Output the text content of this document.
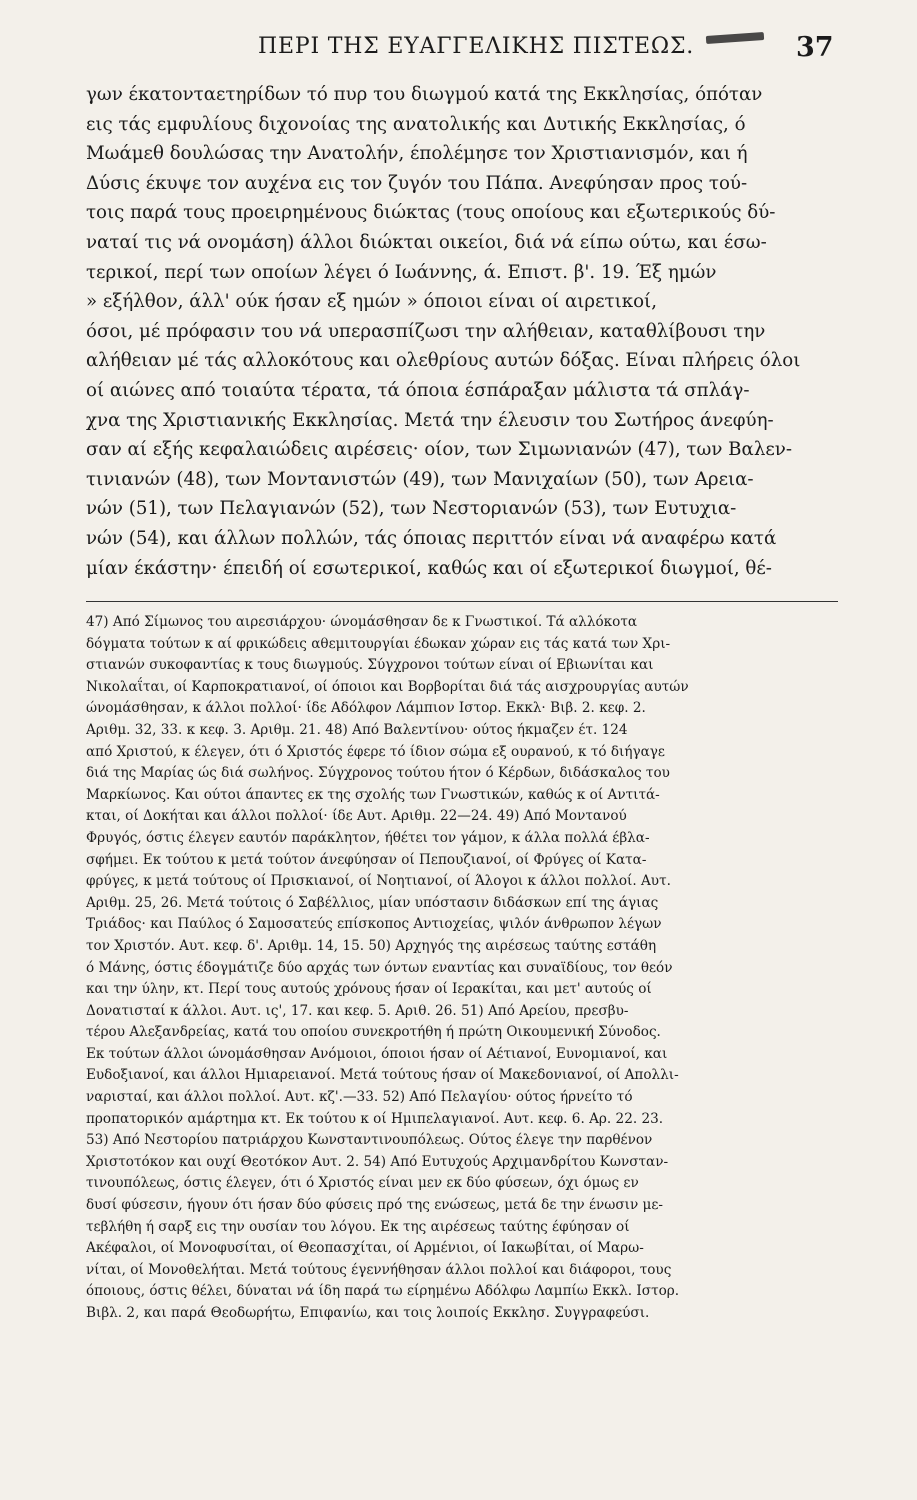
ΠΕΡΙ ΤΗΣ ΕΥΑΓΓΕΛΙΚΗΣ ΠΙΣΤΕΩΣ.	37
γων έκατονταετηρίδων τό πυρ του διωγμού κατά της Εκκλησίας, όπόταν
εις τάς εμφυλίους διχονοίας της ανατολικής και Δυτικής Εκκλησίας, ό
Μωάμεθ δουλώσας την Ανατολήν, έπολέμησε τον Χριστιανισμόν, και ή
Δύσις έκυψε τον αυχένα εις τον ζυγόν του Πάπα. Ανεφύησαν προς τού-
τοις παρά τους προειρημένους διώκτας (τους οποίους και εξωτερικούς δύ-
ναταί τις νά ονομάση) άλλοι διώκται οικείοι, διά νά είπω ούτω, και έσω-
τερικοί, περί των οποίων λέγει ό Ιωάννης, ά. Επιστ. β'. 19. Έξ ημών
» εξήλθον, άλλ' ούκ ήσαν εξ ημών » όποιοι είναι οί αιρετικοί,
όσοι, μέ πρόφασιν του νά υπερασπίζωσι την αλήθειαν, καταθλίβουσι την
αλήθειαν μέ τάς αλλοκότους και ολεθρίους αυτών δόξας. Είναι πλήρεις όλοι
οί αιώνες από τοιαύτα τέρατα, τά όποια έσπάραξαν μάλιστα τά σπλάγ-
χνα της Χριστιανικής Εκκλησίας. Μετά την έλευσιν του Σωτήρος άνεφύη-
σαν αί εξής κεφαλαιώδεις αιρέσεις· οίον, των Σιμωνιανών (47), των Βαλεν-
τινιανών (48), των Μοντανιστών (49), των Μανιχαίων (50), των Αρεια-
νών (51), των Πελαγιανών (52), των Νεστοριανών (53), των Ευτυχια-
νών (54), και άλλων πολλών, τάς όποιας περιττόν είναι νά αναφέρω κατά
μίαν έκάστην· έπειδή οί εσωτερικοί, καθώς και οί εξωτερικοί διωγμοί, θέ-
47) Από Σίμωνος του αιρεσιάρχου· ώνομάσθησαν δε κ Γνωστικοί. Τά αλλόκοτα
δόγματα τούτων κ αί φρικώδεις αθεμιτουργίαι έδωκαν χώραν εις τάς κατά των Χρι-
στιανών συκοφαντίας κ τους διωγμούς. Σύγχρονοι τούτων είναι οί Εβιωνίται και
Νικολαΐται, οί Καρποκρατιανοί, οί όποιοι και Βορβορίται διά τάς αισχρουργίας αυτών
ώνομάσθησαν, κ άλλοι πολλοί· ίδε Αδόλφον Λάμπιον Ιστορ. Εκκλ· Βιβ. 2. κεφ. 2.
Αριθμ. 32, 33. κ κεφ. 3. Αριθμ. 21. 48) Από Βαλεντίνου· ούτος ήκμαζεν έτ. 124
από Χριστού, κ έλεγεν, ότι ό Χριστός έφερε τό ίδιον σώμα εξ ουρανού, κ τό διήγαγε
διά της Μαρίας ώς διά σωλήνος. Σύγχρονος τούτου ήτον ό Κέρδων, διδάσκαλος του
Μαρκίωνος. Και ούτοι άπαντες εκ της σχολής των Γνωστικών, καθώς κ οί Αντιτά-
κται, οί Δοκήται και άλλοι πολλοί· ίδε Αυτ. Αριθμ. 22—24. 49) Από Μοντανού
Φρυγός, όστις έλεγεν εαυτόν παράκλητον, ήθέτει τον γάμον, κ άλλα πολλά έβλα-
σφήμει. Εκ τούτου κ μετά τούτον άνεφύησαν οί Πεπουζιανοί, οί Φρύγες οί Κατα-
φρύγες, κ μετά τούτους οί Πρισκιανοί, οί Νοητιανοί, οί Άλογοι κ άλλοι πολλοί. Αυτ.
Αριθμ. 25, 26. Μετά τούτοις ό Σαβέλλιος, μίαν υπόστασιν διδάσκων επί της άγιας
Τριάδος· και Παύλος ό Σαμοσατεύς επίσκοπος Αντιοχείας, ψιλόν άνθρωπον λέγων
τον Χριστόν. Αυτ. κεφ. δ'. Αριθμ. 14, 15. 50) Αρχηγός της αιρέσεως ταύτης εστάθη
ό Μάνης, όστις έδογμάτιζε δύο αρχάς των όντων εναντίας και συναϊδίους, τον θεόν
και την ύλην, κτ. Περί τους αυτούς χρόνους ήσαν οί Ιερακίται, και μετ' αυτούς οί
Δονατισταί κ άλλοι. Αυτ. ις', 17. και κεφ. 5. Αριθ. 26. 51) Από Αρείου, πρεσβυ-
τέρου Αλεξανδρείας, κατά του οποίου συνεκροτήθη ή πρώτη Οικουμενική Σύνοδος.
Εκ τούτων άλλοι ώνομάσθησαν Ανόμοιοι, όποιοι ήσαν οί Αέτιανοί, Ευνομιανοί, και
Ευδοξιανοί, και άλλοι Ημιαρειανοί. Μετά τούτους ήσαν οί Μακεδονιανοί, οί Απολλι-
ναρισταί, και άλλοι πολλοί. Αυτ. κζ'.—33. 52) Από Πελαγίου· ούτος ήρνείτο τό
προπατορικόν αμάρτημα κτ. Εκ τούτου κ οί Ημιπελαγιανοί. Αυτ. κεφ. 6. Αρ. 22. 23.
53) Από Νεστορίου πατριάρχου Κωνσταντινουπόλεως. Ούτος έλεγε την παρθένον
Χριστοτόκον και ουχί Θεοτόκον Αυτ. 2. 54) Από Ευτυχούς Αρχιμανδρίτου Κωνσταν-
τινουπόλεως, όστις έλεγεν, ότι ό Χριστός είναι μεν εκ δύο φύσεων, όχι όμως εν
δυσί φύσεσιν, ήγουν ότι ήσαν δύο φύσεις πρό της ενώσεως, μετά δε την ένωσιν με-
τεβλήθη ή σαρξ εις την ουσίαν του λόγου. Εκ της αιρέσεως ταύτης έφύησαν οί
Ακέφαλοι, οί Μονοφυσίται, οί Θεοπασχίται, οί Αρμένιοι, οί Ιακωβίται, οί Μαρω-
νίται, οί Μονοθελήται. Μετά τούτους έγεννήθησαν άλλοι πολλοί και διάφοροι, τους
όποιους, όστις θέλει, δύναται νά ίδη παρά τω είρημένω Αδόλφω Λαμπίω Εκκλ. Ιστορ.
Βιβλ. 2, και παρά Θεοδωρήτω, Επιφανίω, και τοις λοιποίς Εκκλησ. Συγγραφεύσι.
